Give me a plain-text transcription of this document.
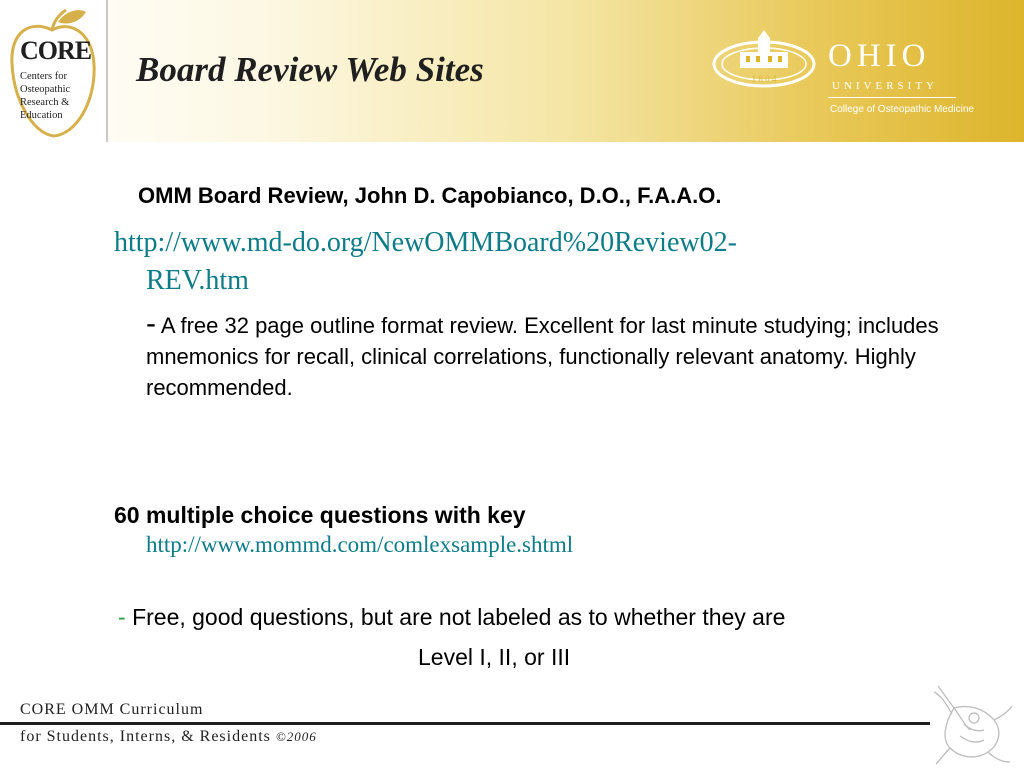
CORE
Centers for
Osteopathic
Research &
Education
Board Review Web Sites	1 8 0 4
OHIO
UNIVERSITY
College of Osteopathic Medicine
OMM Board Review, John D. Capobianco, D.O., F.A.A.O.
http://www.md-do.org/NewOMMBoard%20Review02-
REV.htm
- A free 32 page outline format review. Excellent for last minute studying; includes mnemonics for recall, clinical correlations, functionally relevant anatomy. Highly recommended.
60 multiple choice questions with key
http://www.mommd.com/comlexsample.shtml
- Free, good questions, but are not labeled as to whether they are
Level I, II, or III
CORE OMM Curriculum
for Students, Interns, & Residents ©2006
